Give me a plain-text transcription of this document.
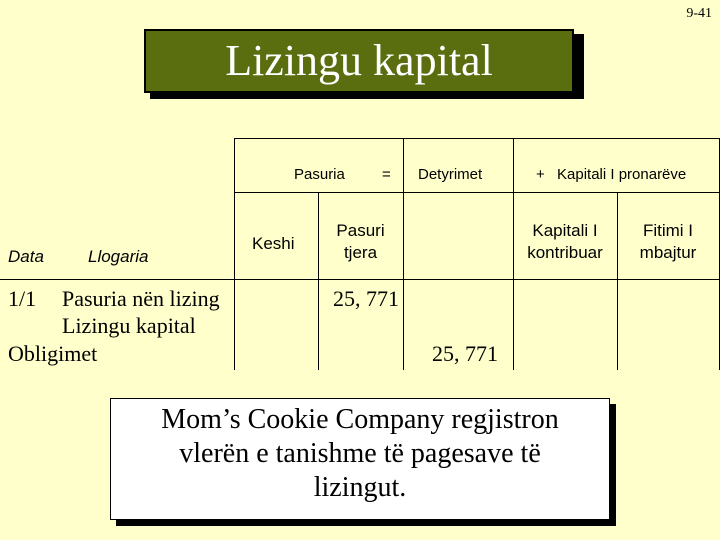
9-41
Lizingu kapital
Pasuria = Detyrimet	+ Kapitali I pronarëve
Data	Llogaria
Keshi
Pasuri
tjera
Kapitali I
kontribuar
Fitimi I
mbajtur
1/1 Pasuria nën lizing
Lizingu kapital
Obligimet
25, 771
25, 771
Mom’s Cookie Company regjistron
vlerën e tanishme të pagesave të
lizingut.
